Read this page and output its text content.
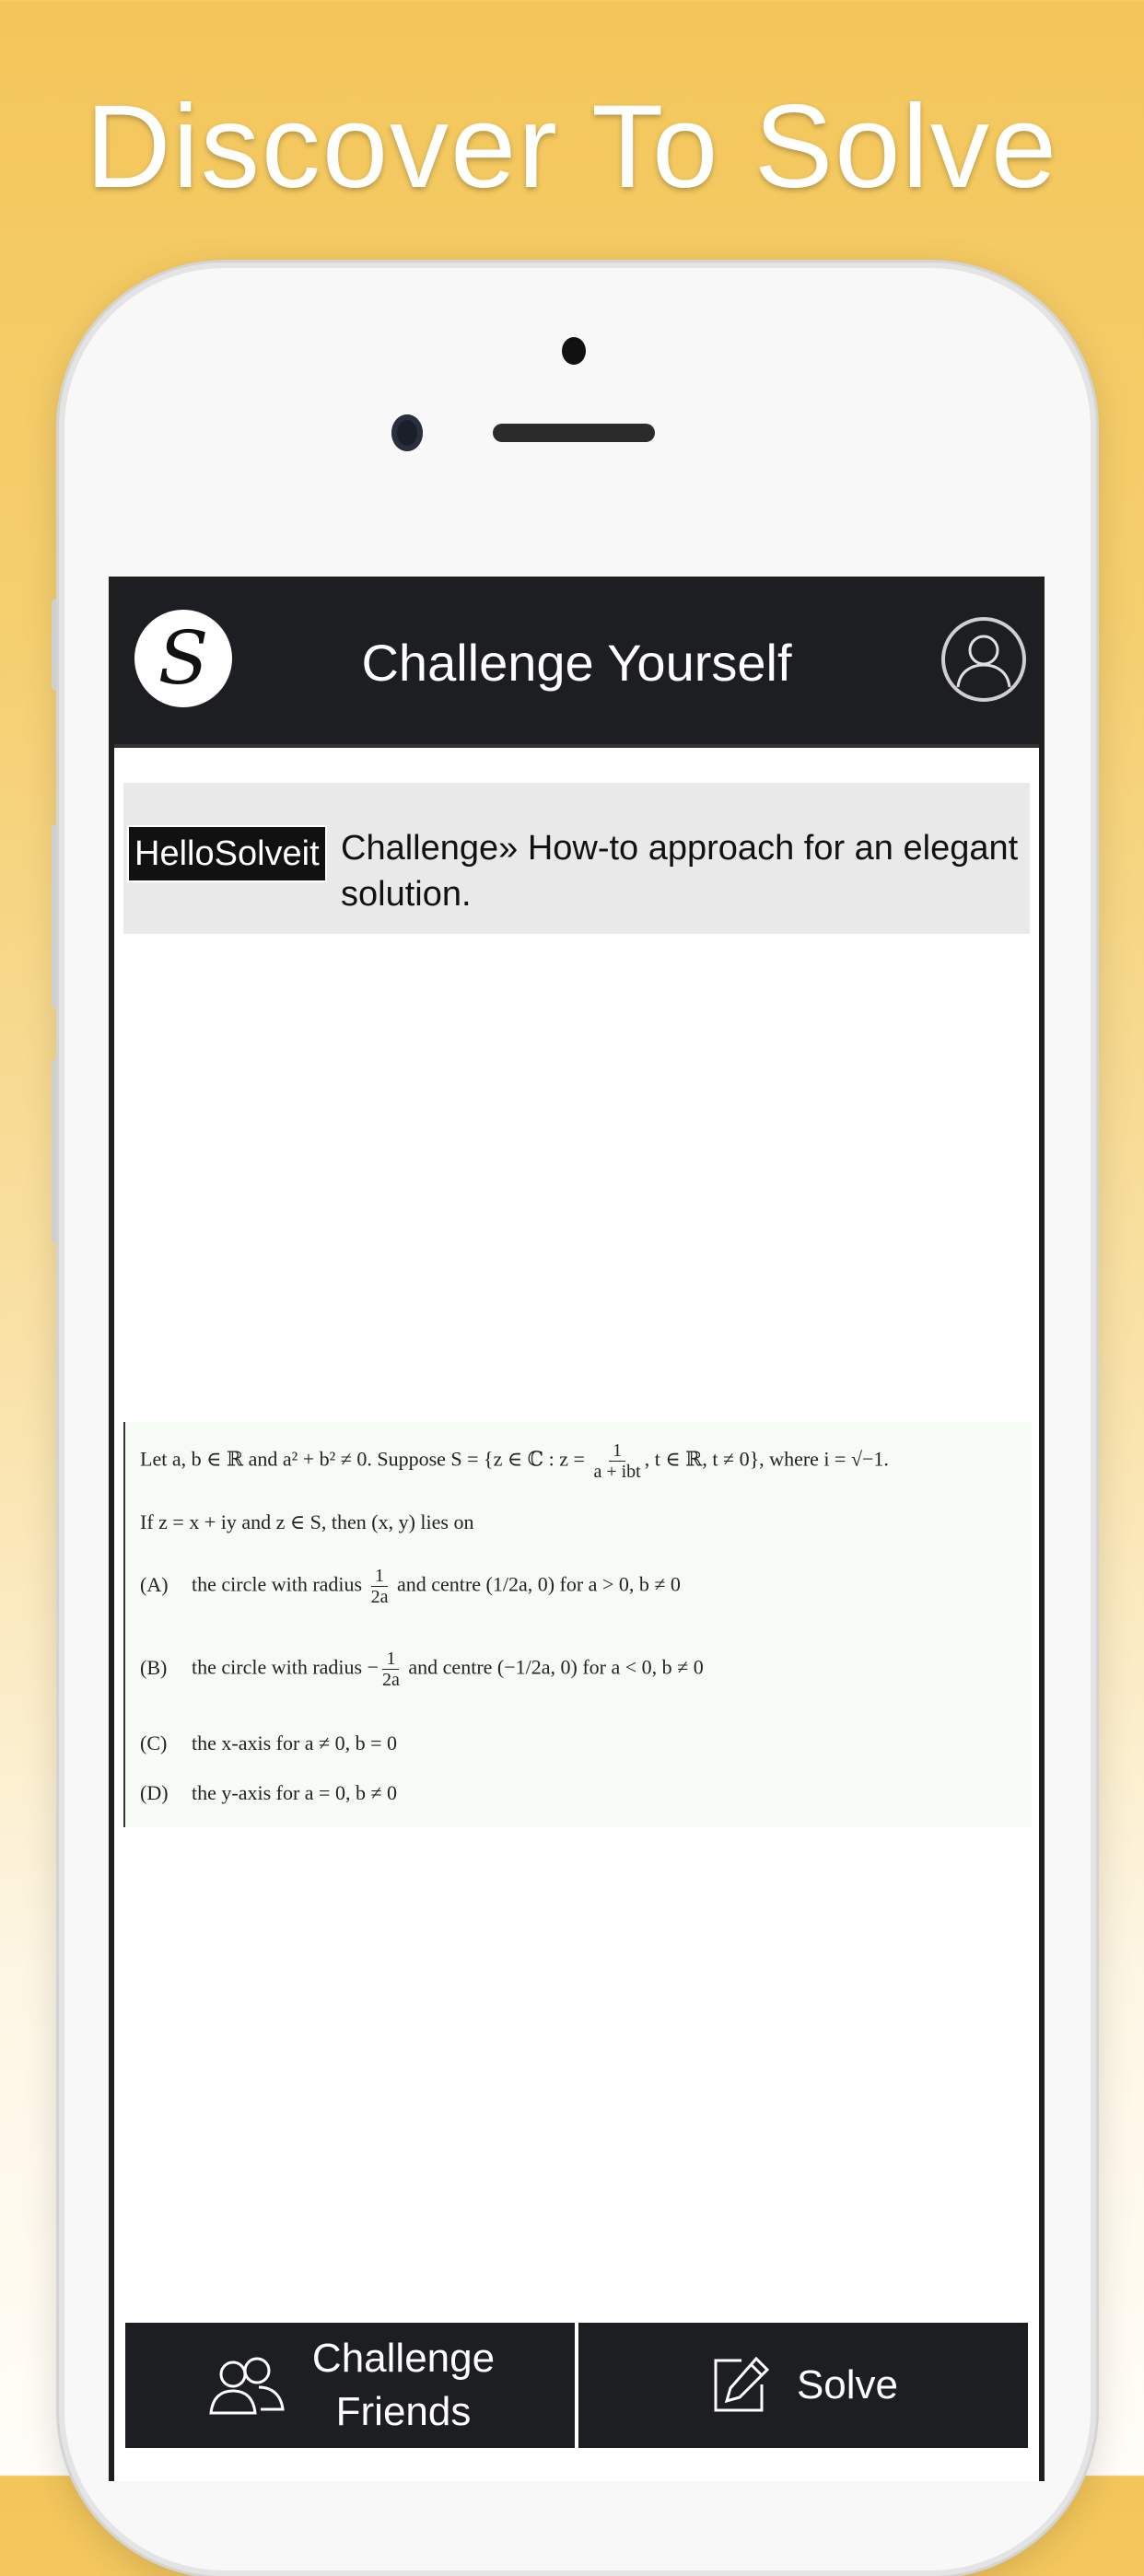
Discover To Solve
S	Challenge Yourself
HelloSolveit Challenge» How-to approach for an elegant solution.
Let a, b ∈ ℝ and a² + b² ≠ 0. Suppose S = {z ∈ ℂ : $z = \frac{1}{\text{a + ibt}}$ , t ∈ ℝ, t ≠ 0}, where i = √−1.
If z = x + iy and z ∈ S, then (x, y) lies on
(A) the circle with radius $\frac{1}{2a}$ and centre (1/2a, 0) for a > 0, b ≠ 0
(B) the circle with radius − $\frac{1}{2a}$ and centre (−1/2a, 0) for a < 0, b ≠ 0
(C) the x-axis for a ≠ 0, b = 0
(D) the y-axis for a = 0, b ≠ 0
Challenge
Friends
Solve
